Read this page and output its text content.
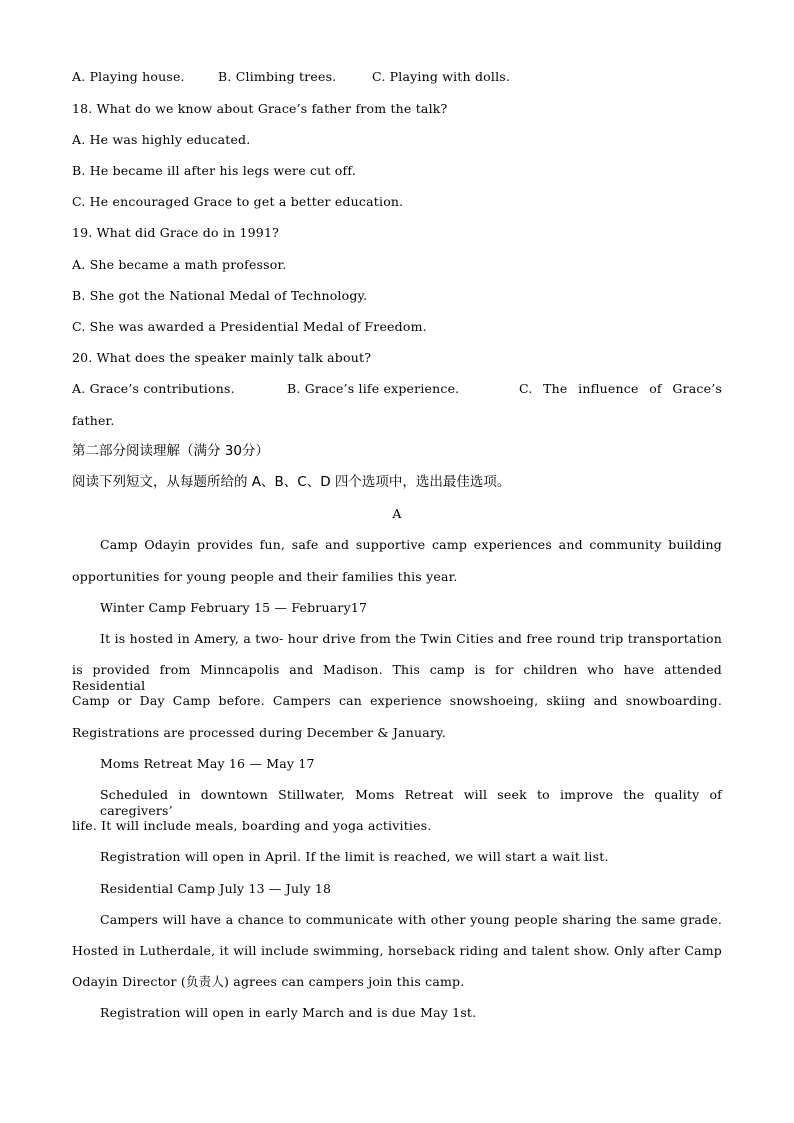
A. Playing house.	B. Climbing trees.	C. Playing with dolls.
18. What do we know about Grace’s father from the talk?
A. He was highly educated.
B. He became ill after his legs were cut off.
C. He encouraged Grace to get a better education.
19. What did Grace do in 1991?
A. She became a math professor.
B. She got the National Medal of Technology.
C. She was awarded a Presidential Medal of Freedom.
20. What does the speaker mainly talk about?
A. Grace’s contributions.	B. Grace’s life experience.	C. The influence of Grace’s
father.
第二部分阅读理解（满分 30分）
阅读下列短文，从每题所给的 A、B、C、D 四个选项中，选出最佳选项。
A
Camp Odayin provides fun, safe and supportive camp experiences and community building
opportunities for young people and their families this year.
Winter Camp February 15 — February17
It is hosted in Amery, a two- hour drive from the Twin Cities and free round trip transportation
is provided from Minncapolis and Madison. This camp is for children who have attended Residential
Camp or Day Camp before. Campers can experience snowshoeing, skiing and snowboarding.
Registrations are processed during December & January.
Moms Retreat May 16 — May 17
Scheduled in downtown Stillwater, Moms Retreat will seek to improve the quality of caregivers’
life. It will include meals, boarding and yoga activities.
Registration will open in April. If the limit is reached, we will start a wait list.
Residential Camp July 13 — July 18
Campers will have a chance to communicate with other young people sharing the same grade.
Hosted in Lutherdale, it will include swimming, horseback riding and talent show. Only after Camp
Odayin Director (负责人) agrees can campers join this camp.
Registration will open in early March and is due May 1st.
